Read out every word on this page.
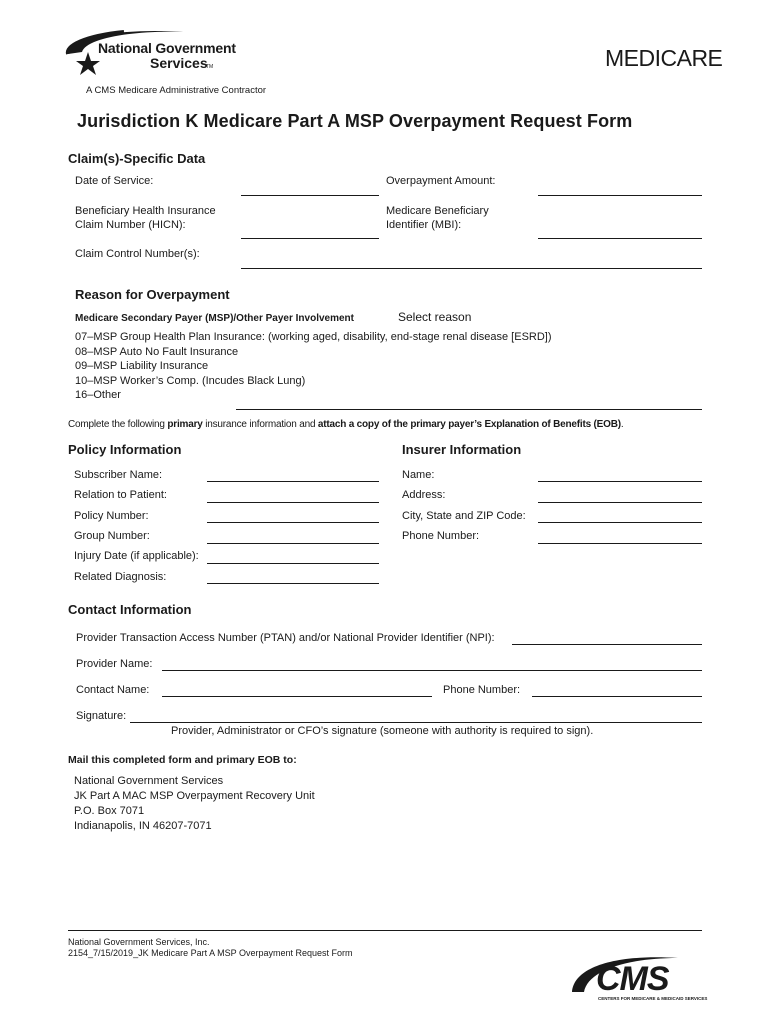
National Government
Services
TM
A CMS Medicare Administrative Contractor
MEDICARE
Jurisdiction K Medicare Part A MSP Overpayment Request Form
Claim(s)-Specific Data
Date of Service:	Overpayment Amount:
Beneficiary Health Insurance
Claim Number (HICN):
Medicare Beneficiary
Identifier (MBI):
Claim Control Number(s):
Reason for Overpayment
Medicare Secondary Payer (MSP)/Other Payer Involvement	Select reason
07–MSP Group Health Plan Insurance: (working aged, disability, end-stage renal disease [ESRD])
08–MSP Auto No Fault Insurance
09–MSP Liability Insurance
10–MSP Worker’s Comp. (Incudes Black Lung)
16–Other
Complete the following primary insurance information and attach a copy of the primary payer’s Explanation of Benefits (EOB).
Policy Information
Subscriber Name:
Relation to Patient:
Policy Number:
Group Number:
Injury Date (if applicable):
Related Diagnosis:
Insurer Information
Name:
Address:
City, State and ZIP Code:
Phone Number:
Contact Information
Provider Transaction Access Number (PTAN) and/or National Provider Identifier (NPI):
Provider Name:
Contact Name:	Phone Number:
Signature:
Provider, Administrator or CFO’s signature (someone with authority is required to sign).
Mail this completed form and primary EOB to:
National Government Services
JK Part A MAC MSP Overpayment Recovery Unit
P.O. Box 7071
Indianapolis, IN 46207-7071
National Government Services, Inc.
2154_7/15/2019_JK Medicare Part A MSP Overpayment Request Form
CMS
CENTERS FOR MEDICARE & MEDICAID SERVICES
